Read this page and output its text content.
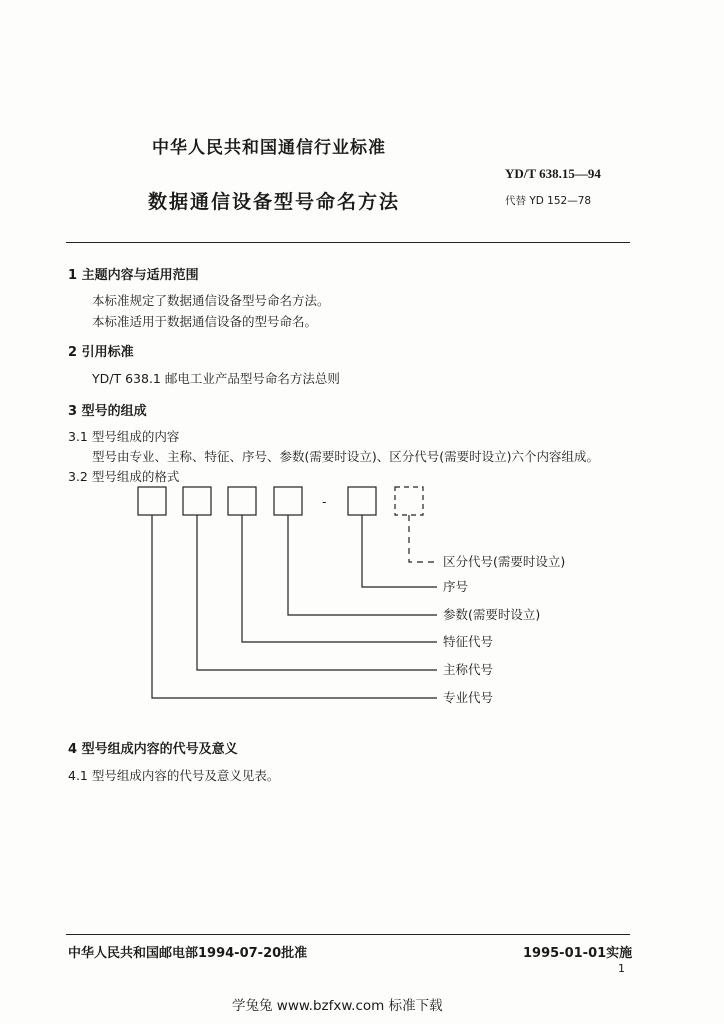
中华人民共和国通信行业标准
数据通信设备型号命名方法
YD/T 638.15—94
代替 YD 152—78
1 主题内容与适用范围
本标准规定了数据通信设备型号命名方法。
本标准适用于数据通信设备的型号命名。
2 引用标准
YD/T 638.1 邮电工业产品型号命名方法总则
3 型号的组成
3.1 型号组成的内容
型号由专业、主称、特征、序号、参数(需要时设立)、区分代号(需要时设立)六个内容组成。
3.2 型号组成的格式
-
区分代号(需要时设立)
序号
参数(需要时设立)
特征代号
主称代号
专业代号
4 型号组成内容的代号及意义
4.1 型号组成内容的代号及意义见表。
中华人民共和国邮电部1994-07-20批准	1995-01-01实施
1
学兔兔 www.bzfxw.com 标准下载
